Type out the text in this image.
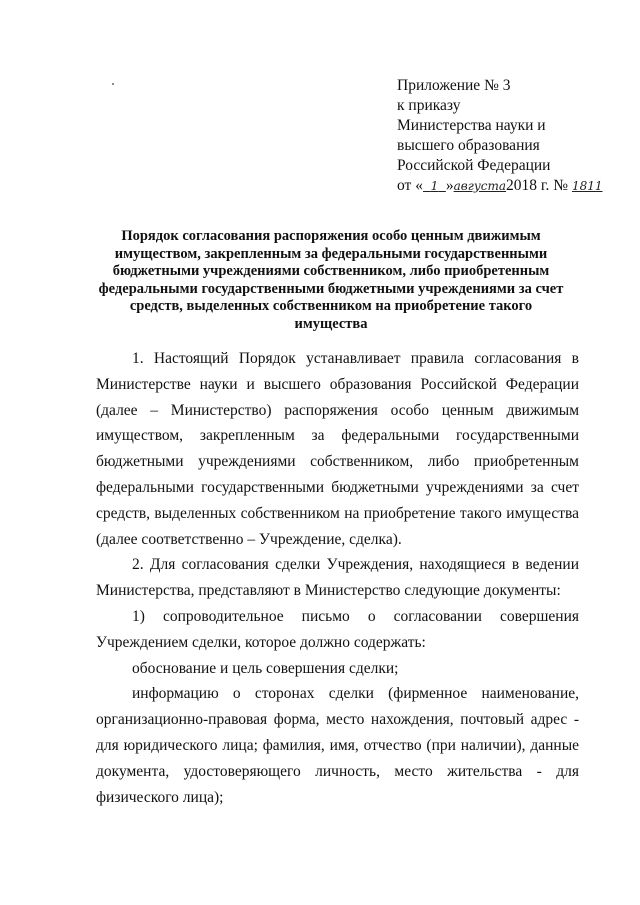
Приложение № 3
к приказу
Министерства науки и
высшего образования
Российской Федерации
от « 1 »августа2018 г. № 1811
Порядок согласования распоряжения особо ценным движимым имуществом, закрепленным за федеральными государственными бюджетными учреждениями собственником, либо приобретенным федеральными государственными бюджетными учреждениями за счет средств, выделенных собственником на приобретение такого имущества

1. Настоящий Порядок устанавливает правила согласования в Министерстве науки и высшего образования Российской Федерации (далее – Министерство) распоряжения особо ценным движимым имуществом, закрепленным за федеральными государственными бюджетными учреждениями собственником, либо приобретенным федеральными государственными бюджетными учреждениями за счет средств, выделенных собственником на приобретение такого имущества (далее соответственно – Учреждение, сделка).

2. Для согласования сделки Учреждения, находящиеся в ведении Министерства, представляют в Министерство следующие документы:

1) сопроводительное письмо о согласовании совершения Учреждением сделки, которое должно содержать:

обоснование и цель совершения сделки;

информацию о сторонах сделки (фирменное наименование, организационно-правовая форма, место нахождения, почтовый адрес - для юридического лица; фамилия, имя, отчество (при наличии), данные документа, удостоверяющего личность, место жительства - для физического лица);
